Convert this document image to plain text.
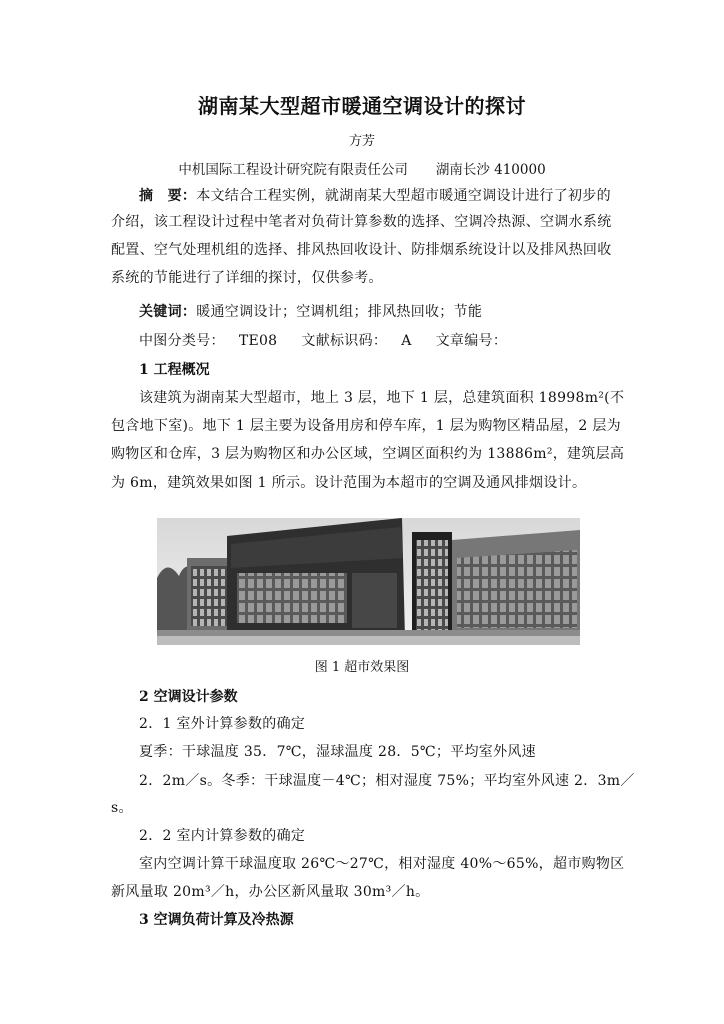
湖南某大型超市暖通空调设计的探讨
方芳
中机国际工程设计研究院有限责任公司 湖南长沙 410000
摘　要：本文结合工程实例，就湖南某大型超市暖通空调设计进行了初步的
介绍，该工程设计过程中笔者对负荷计算参数的选择、空调冷热源、空调水系统
配置、空气处理机组的选择、排风热回收设计、防排烟系统设计以及排风热回收
系统的节能进行了详细的探讨，仅供参考。
关键词：暖通空调设计；空调机组；排风热回收；节能
中图分类号： TE08 文献标识码： A 文章编号：
1 工程概况
该建筑为湖南某大型超市，地上 3 层，地下 1 层，总建筑面积 18998m²(不
包含地下室)。地下 1 层主要为设备用房和停车库，1 层为购物区精品屋，2 层为
购物区和仓库，3 层为购物区和办公区域，空调区面积约为 13886m²，建筑层高
为 6m，建筑效果如图 1 所示。设计范围为本超市的空调及通风排烟设计。
图 1 超市效果图
2 空调设计参数
2．1 室外计算参数的确定
夏季：干球温度 35．7℃，湿球温度 28．5℃；平均室外风速
2．2m／s。冬季：干球温度－4℃；相对湿度 75%；平均室外风速 2．3m／
s。
2．2 室内计算参数的确定
室内空调计算干球温度取 26℃～27℃，相对湿度 40%～65%，超市购物区
新风量取 20m³／h，办公区新风量取 30m³／h。
3 空调负荷计算及冷热源
